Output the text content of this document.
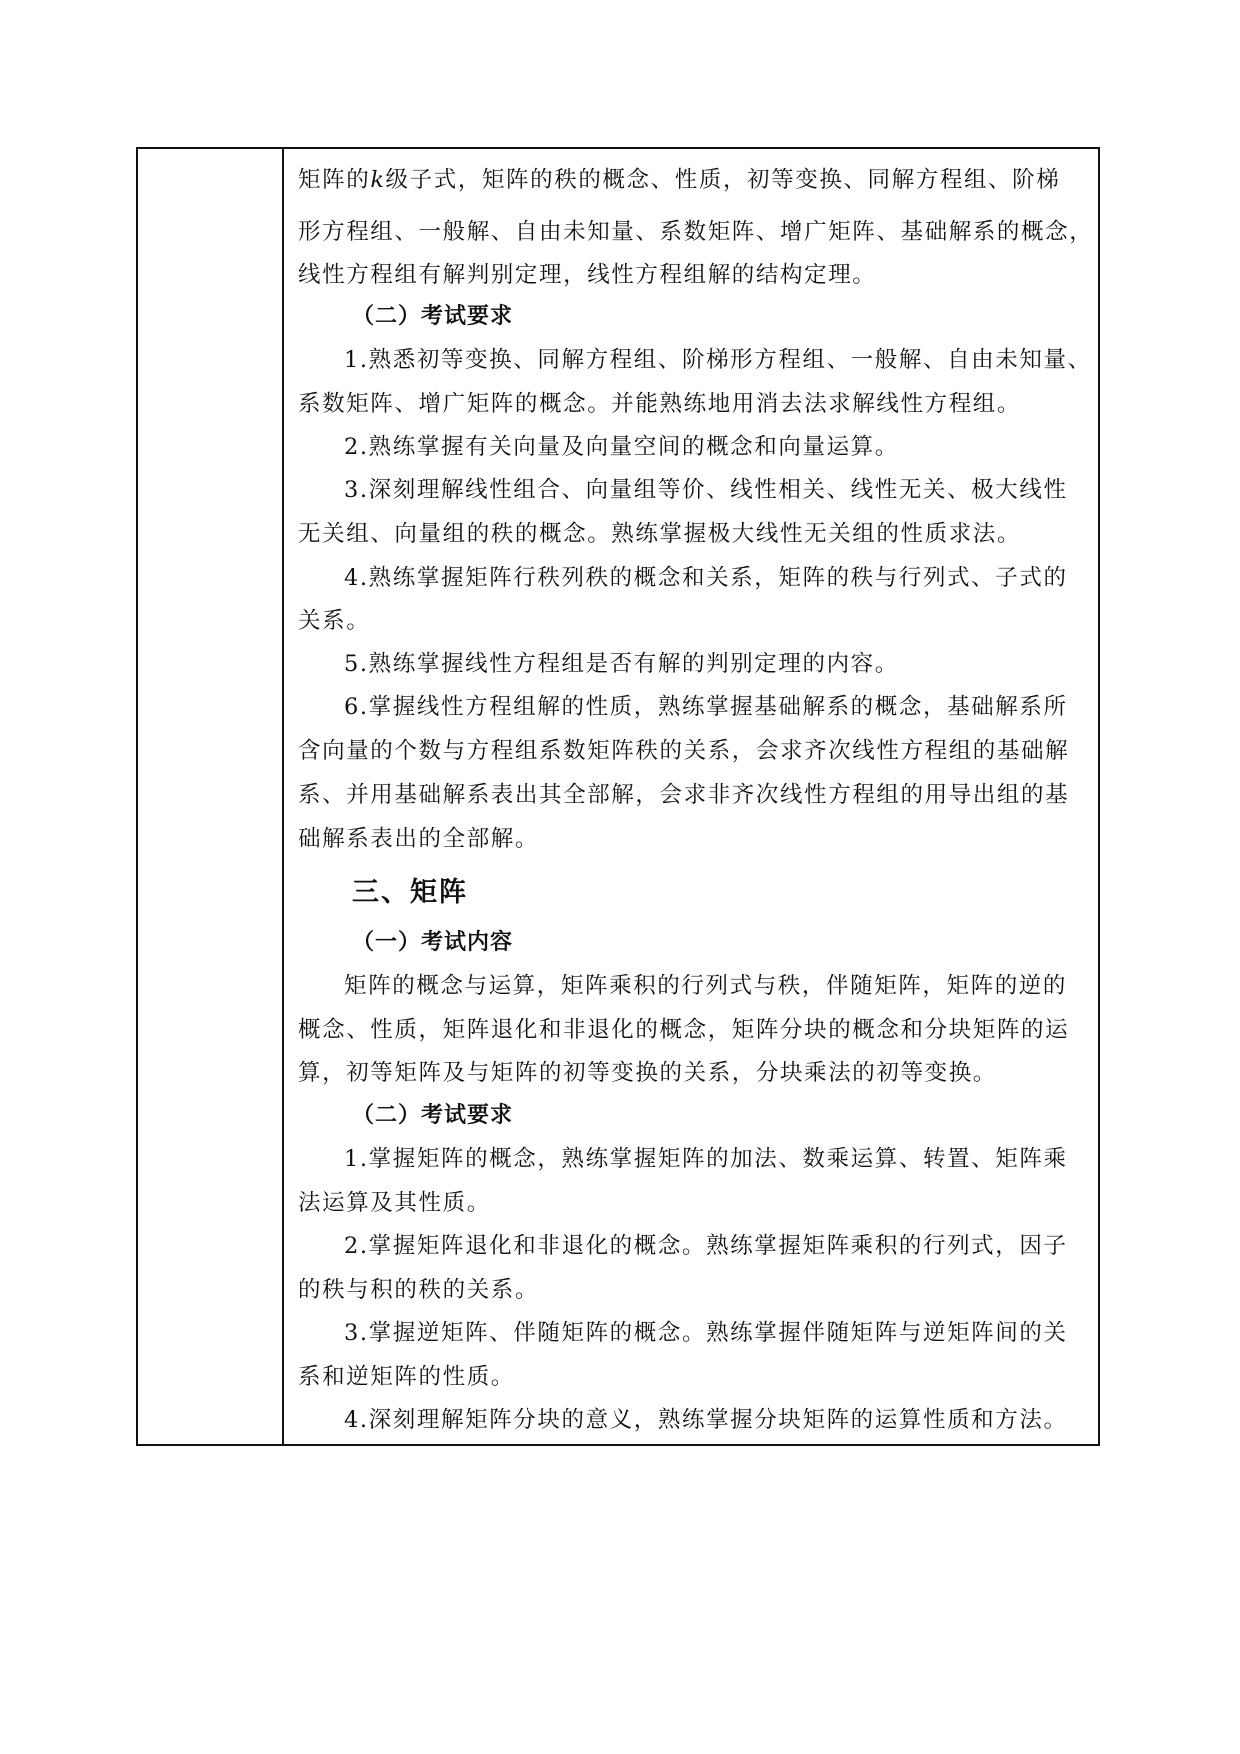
矩阵的k级子式，矩阵的秩的概念、性质，初等变换、同解方程组、阶梯
形方程组、一般解、自由未知量、系数矩阵、增广矩阵、基础解系的概念，
线性方程组有解判别定理，线性方程组解的结构定理。
（二）考试要求
1.熟悉初等变换、同解方程组、阶梯形方程组、一般解、自由未知量、
系数矩阵、增广矩阵的概念。并能熟练地用消去法求解线性方程组。
2.熟练掌握有关向量及向量空间的概念和向量运算。
3.深刻理解线性组合、向量组等价、线性相关、线性无关、极大线性
无关组、向量组的秩的概念。熟练掌握极大线性无关组的性质求法。
4.熟练掌握矩阵行秩列秩的概念和关系，矩阵的秩与行列式、子式的
关系。
5.熟练掌握线性方程组是否有解的判别定理的内容。
6.掌握线性方程组解的性质，熟练掌握基础解系的概念，基础解系所
含向量的个数与方程组系数矩阵秩的关系，会求齐次线性方程组的基础解
系、并用基础解系表出其全部解，会求非齐次线性方程组的用导出组的基
础解系表出的全部解。
三、矩阵
（一）考试内容
矩阵的概念与运算，矩阵乘积的行列式与秩，伴随矩阵，矩阵的逆的
概念、性质，矩阵退化和非退化的概念，矩阵分块的概念和分块矩阵的运
算，初等矩阵及与矩阵的初等变换的关系，分块乘法的初等变换。
（二）考试要求
1.掌握矩阵的概念，熟练掌握矩阵的加法、数乘运算、转置、矩阵乘
法运算及其性质。
2.掌握矩阵退化和非退化的概念。熟练掌握矩阵乘积的行列式，因子
的秩与积的秩的关系。
3.掌握逆矩阵、伴随矩阵的概念。熟练掌握伴随矩阵与逆矩阵间的关
系和逆矩阵的性质。
4.深刻理解矩阵分块的意义，熟练掌握分块矩阵的运算性质和方法。
